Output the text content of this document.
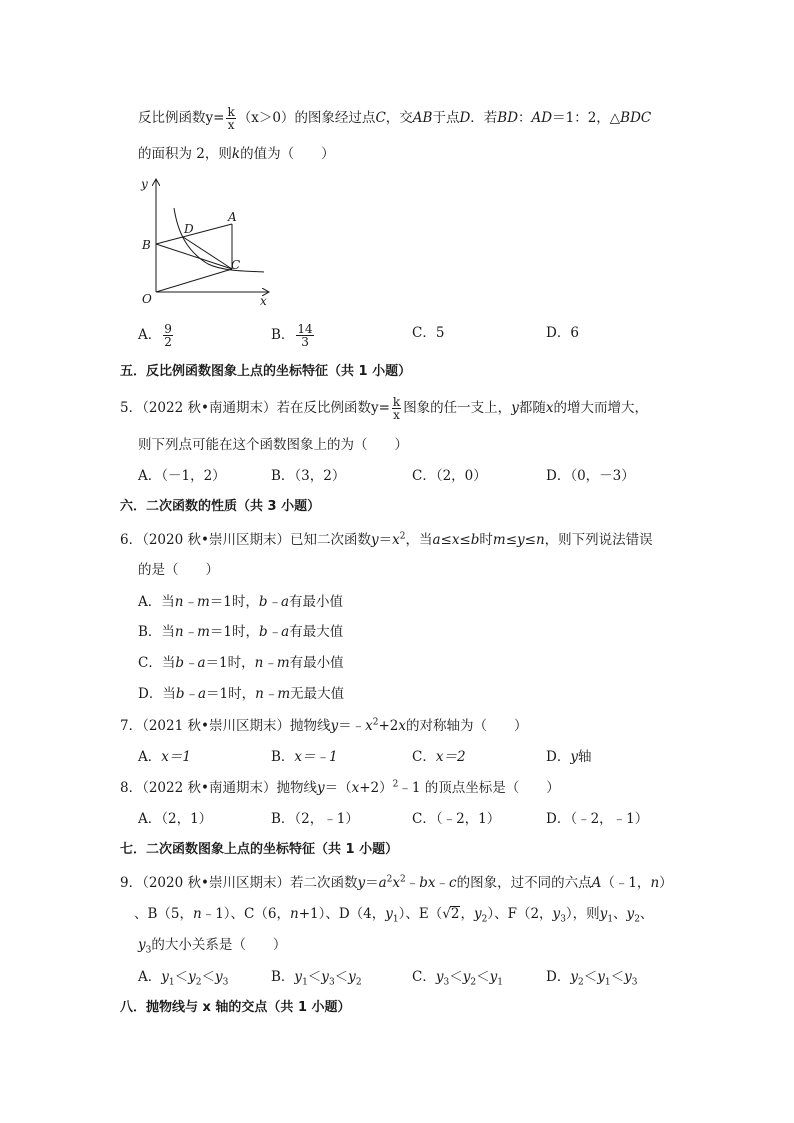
反比例函数$y= \frac{k}{x} (x>0)$的图象经过点C，交AB于点D．若BD：AD＝1：2，△BDC
的面积为 2，则k的值为（　　）
y
x
O
B
D
A
C
A． $\frac{9}{2}$	B． $\frac{14}{3}$	C．5	D．6
五．反比例函数图象上点的坐标特征（共 1 小题）
5．（2022 秋•南通期末）若在反比例函数$y= \frac{k}{x}$ 图象的任一支上，y都随x的增大而增大，
则下列点可能在这个函数图象上的为（　　）
A．（－1，2）	B．（3，2）	C．（2，0）	D．（0，－3）
六．二次函数的性质（共 3 小题）
6．（2020 秋•崇川区期末）已知二次函数$y=x^2$，当a≤x≤b时m≤y≤n，则下列说法错误
的是（　　）
A．当n﹣m＝1时，b﹣a有最小值
B．当n﹣m＝1时，b﹣a有最大值
C．当b﹣a＝1时，n﹣m有最小值
D．当b﹣a＝1时，n﹣m无最大值
7．（2021 秋•崇川区期末）抛物线$y=﹣x^2+2x$的对称轴为（　　）
A．x＝1	B．x＝﹣1	C．x＝2	D．y轴
8．（2022 秋•南通期末）抛物线$y=(x+2)^2﹣1$ 的顶点坐标是（　　）
A．（2，1）	B．（2，﹣1）	C．（﹣2，1）	D．（﹣2，﹣1）
七．二次函数图象上点的坐标特征（共 1 小题）
9．（2020 秋•崇川区期末）若二次函数$y=a^2x^2﹣bx﹣c$的图象，过不同的六点A（﹣1，n）
、B（5，n﹣1）、C（6，n+1）、D（4，$y_1$）、E（√2，$y_2$）、F（2，$y_3$），则$y_1$、$y_2$、
$y_3$的大小关系是（　　）
A．$y_1<y_2<y_3$	B．$y_1<y_3<y_2$	C．$y_3<y_2<y_1$	D．$y_2<y_1<y_3$
八．抛物线与 x 轴的交点（共 1 小题）
